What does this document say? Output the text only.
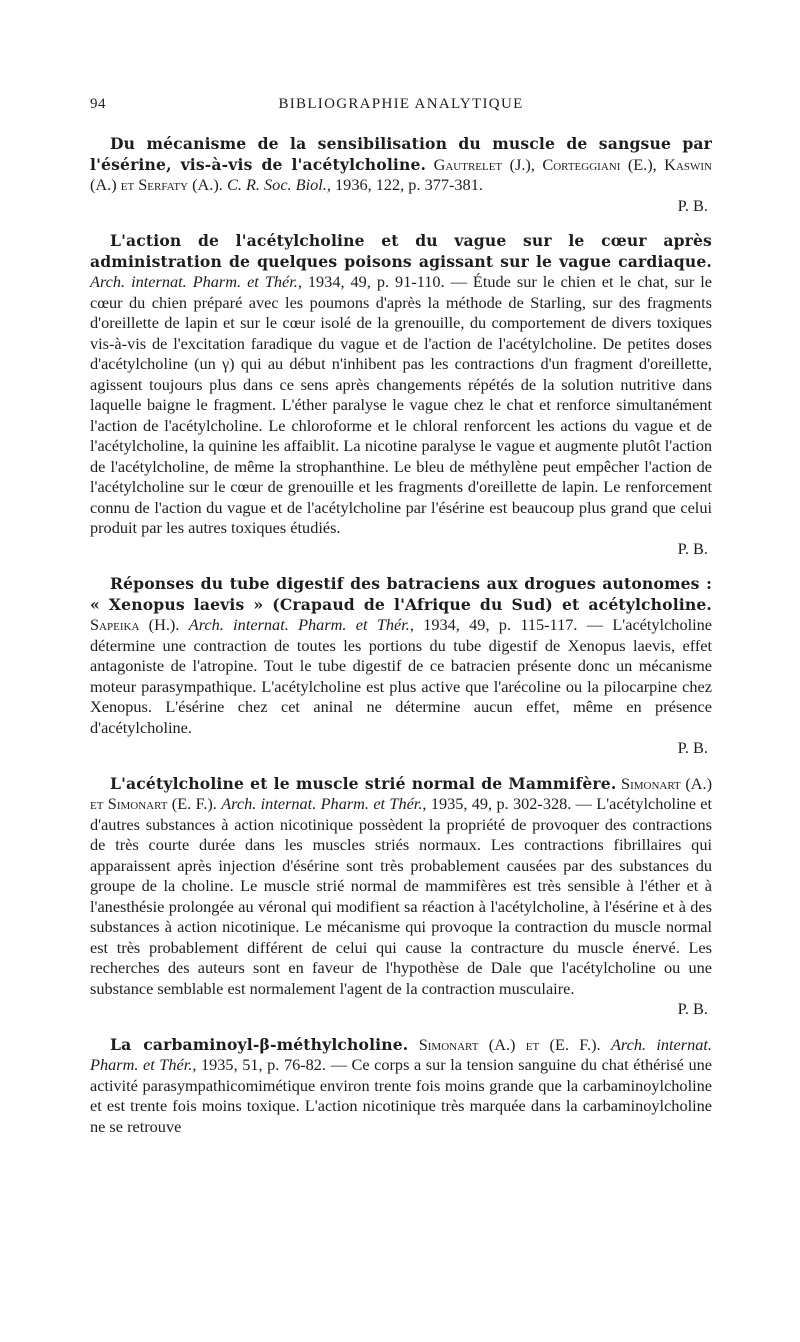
94	BIBLIOGRAPHIE ANALYTIQUE

Du mécanisme de la sensibilisation du muscle de sangsue par l'ésérine, vis-à-vis de l'acétylcholine. Gautrelet (J.), Corteggiani (E.), Kaswin (A.) et Serfaty (A.). C. R. Soc. Biol., 1936, 122, p. 377-381.
P. B.

L'action de l'acétylcholine et du vague sur le cœur après administration de quelques poisons agissant sur le vague cardiaque. Arch. internat. Pharm. et Thér., 1934, 49, p. 91-110. — Étude sur le chien et le chat, sur le cœur du chien préparé avec les poumons d'après la méthode de Starling, sur des fragments d'oreillette de lapin et sur le cœur isolé de la grenouille, du comportement de divers toxiques vis-à-vis de l'excitation faradique du vague et de l'action de l'acétylcholine. De petites doses d'acétylcholine (un γ) qui au début n'inhibent pas les contractions d'un fragment d'oreillette, agissent toujours plus dans ce sens après changements répétés de la solution nutritive dans laquelle baigne le fragment. L'éther paralyse le vague chez le chat et renforce simultanément l'action de l'acétylcholine. Le chloroforme et le chloral renforcent les actions du vague et de l'acétylcholine, la quinine les affaiblit. La nicotine paralyse le vague et augmente plutôt l'action de l'acétylcholine, de même la strophanthine. Le bleu de méthylène peut empêcher l'action de l'acétylcholine sur le cœur de grenouille et les fragments d'oreillette de lapin. Le renforcement connu de l'action du vague et de l'acétylcholine par l'ésérine est beaucoup plus grand que celui produit par les autres toxiques étudiés.
P. B.

Réponses du tube digestif des batraciens aux drogues autonomes : « Xenopus laevis » (Crapaud de l'Afrique du Sud) et acétylcholine. Sapeika (H.). Arch. internat. Pharm. et Thér., 1934, 49, p. 115-117. — L'acétylcholine détermine une contraction de toutes les portions du tube digestif de Xenopus laevis, effet antagoniste de l'atropine. Tout le tube digestif de ce batracien présente donc un mécanisme moteur parasympathique. L'acétylcholine est plus active que l'arécoline ou la pilocarpine chez Xenopus. L'ésérine chez cet aninal ne détermine aucun effet, même en présence d'acétylcholine.
P. B.

L'acétylcholine et le muscle strié normal de Mammifère. Simonart (A.) et Simonart (E. F.). Arch. internat. Pharm. et Thér., 1935, 49, p. 302-328. — L'acétylcholine et d'autres substances à action nicotinique possèdent la propriété de provoquer des contractions de très courte durée dans les muscles striés normaux. Les contractions fibrillaires qui apparaissent après injection d'ésérine sont très probablement causées par des substances du groupe de la choline. Le muscle strié normal de mammifères est très sensible à l'éther et à l'anesthésie prolongée au véronal qui modifient sa réaction à l'acétylcholine, à l'ésérine et à des substances à action nicotinique. Le mécanisme qui provoque la contraction du muscle normal est très probablement différent de celui qui cause la contracture du muscle énervé. Les recherches des auteurs sont en faveur de l'hypothèse de Dale que l'acétylcholine ou une substance semblable est normalement l'agent de la contraction musculaire.
P. B.

La carbaminoyl-β-méthylcholine. Simonart (A.) et (E. F.). Arch. internat. Pharm. et Thér., 1935, 51, p. 76-82. — Ce corps a sur la tension sanguine du chat éthérisé une activité parasympathicomimétique environ trente fois moins grande que la carbaminoylcholine et est trente fois moins toxique. L'action nicotinique très marquée dans la carbaminoylcholine ne se retrouve
